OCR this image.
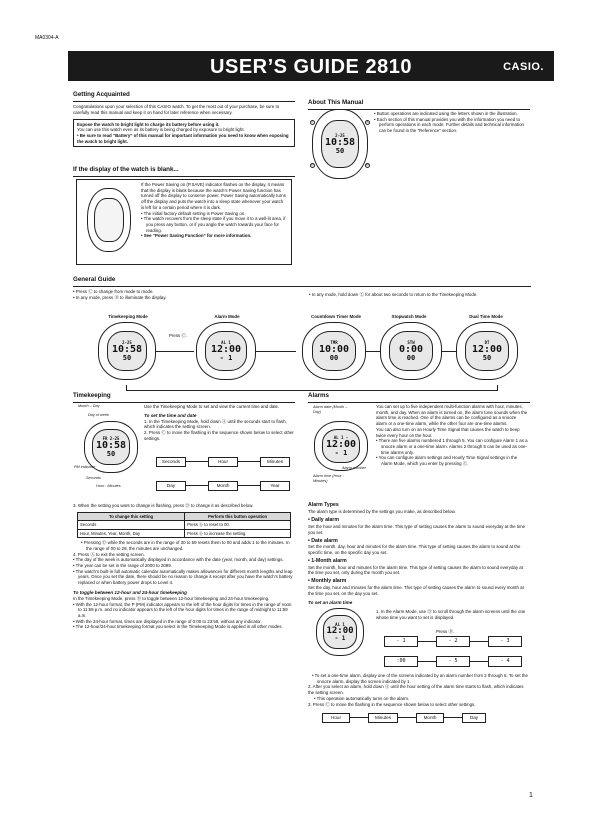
MA0304-A
USER’S GUIDE 2810	CASIO.
Getting Acquainted
Congratulations upon your selection of this CASIO watch. To get the most out of your purchase, be sure to carefully read this manual and keep it on hand for later reference when necessary.
Expose the watch to bright light to charge its battery before using it.
You can use this watch even as its battery is being charged by exposure to bright light.
• Be sure to read “Battery” of this manual for important information you need to know when exposing the watch to bright light.
If the display of the watch is blank...
If the Power Saving on (P.SAVE) indicator flashes on the display, it means that the display is blank because the watch’s Power Saving function has turned off the display to conserve power. Power Saving automatically turns off the display and puts the watch into a sleep state whenever your watch is left for a certain period where it is dark.
• The initial factory default setting is Power Saving on.
• The watch recovers from the sleep state if you move it to a well-lit area, if you press any button, or if you angle the watch towards your face for reading.
• See “Power Saving Function” for more information.
About This Manual
2-25
10:58
50
L	A
C	D
• Button operations are indicated using the letters shown in the illustration.
• Each section of this manual provides you with the information you need to perform operations in each mode. Further details and technical information can be found in the “Reference” section.
General Guide
• Press Ⓒ to change from mode to mode.
• In any mode, press Ⓑ to illuminate the display.
• In any mode, hold down Ⓛ for about two seconds to return to the Timekeeping Mode.
Timekeeping Mode	Alarm Mode	Countdown Timer Mode	Stopwatch Mode	Dual Time Mode
Press Ⓒ.
2-25
10:58
50
AL 1
12:00
- 1
TMR
10:00
00
STW
0:00
00
DT
12:00
50
Timekeeping
Month – Day
Day of week
FR 2-25
10:58
50
PM indicator
Seconds
Hour : Minutes
Use the Timekeeping Mode to set and view the current time and date.
To set the time and date
1. In the Timekeeping Mode, hold down Ⓐ until the seconds start to flash, which indicates the setting screen.
2. Press Ⓒ to move the flashing in the sequence shown below to select other settings.
Seconds	Hour	Minutes
Day	Month	Year
3. When the setting you want to change is flashing, press Ⓓ to change it as described below.
To change this setting	Perform this button operation
Seconds	Press Ⓓ to reset to 00.
Hour, Minutes, Year, Month, Day	Press Ⓓ to increase the setting.
• Pressing Ⓓ while the seconds are in the range of 30 to 59 resets them to 00 and adds 1 to the minutes. In the range of 00 to 29, the minutes are unchanged.
4. Press Ⓐ to exit the setting screen.
• The day of the week is automatically displayed in accordance with the date (year, month, and day) settings.
• The year can be set in the range of 2000 to 2099.
• The watch’s built-in full automatic calendar automatically makes allowances for different month lengths and leap years. Once you set the date, there should be no reason to change it except after you have the watch’s battery replaced or when battery power drops to Level 4.
To toggle between 12-hour and 24-hour timekeeping
In the Timekeeping Mode, press Ⓓ to toggle between 12-hour timekeeping and 24-hour timekeeping.
• With the 12-hour format, the P (PM) indicator appears to the left of the hour digits for times in the range of noon to 11:59 p.m. and no indicator appears to the left of the hour digits for times in the range of midnight to 11:59 a.m.
• With the 24-hour format, times are displayed in the range of 0:00 to 23:59, without any indicator.
• The 12-hour/24-hour timekeeping format you select in the Timekeeping Mode is applied in all other modes.
Alarms
Alarm date (Month – Day)
AL 1 -
12:00
- 1
Alarm number
Alarm time (Hour : Minutes)
You can set up to five independent multi-function alarms with hour, minutes, month, and day. When an alarm is turned on, the alarm tone sounds when the alarm time is reached. One of the alarms can be configured as a snooze alarm or a one-time alarm, while the other four are one-time alarms.
You can also turn on an Hourly Time Signal that causes the watch to beep twice every hour on the hour.
• There are five alarms numbered 1 through 5. You can configure Alarm 1 as a snooze alarm or a one-time alarm. Alarms 2 through 5 can be used as one-time alarms only.
• You can configure alarm settings and Hourly Time Signal settings in the Alarm Mode, which you enter by pressing Ⓒ.
Alarm Types
The alarm type is determined by the settings you make, as described below.
• Daily alarm
Set the hour and minutes for the alarm time. This type of setting causes the alarm to sound everyday at the time you set.
• Date alarm
Set the month, day, hour and minutes for the alarm time. This type of setting causes the alarm to sound at the specific time, on the specific day you set.
• 1-Month alarm
Set the month, hour and minutes for the alarm time. This type of setting causes the alarm to sound everyday at the time you set, only during the month you set.
• Monthly alarm
Set the day, hour and minutes for the alarm time. This type of setting causes the alarm to sound every month at the time you set, on the day you set.
To set an alarm time
AL 1
12:00
- 1
1. In the Alarm Mode, use Ⓓ to scroll through the alarm screens until the one whose time you want to set is displayed.
Press Ⓓ.
- 1	- 2	- 3
:00	- 5	- 4
• To set a one-time alarm, display one of the screens indicated by an alarm number from 2 through 5. To set the snooze alarm, display the screen indicated by 1.
2. After you select an alarm, hold down Ⓐ until the hour setting of the alarm time starts to flash, which indicates the setting screen.
• This operation automatically turns on the alarm.
3. Press Ⓒ to move the flashing in the sequence shown below to select other settings.
Hour	Minutes	Month	Day
1
